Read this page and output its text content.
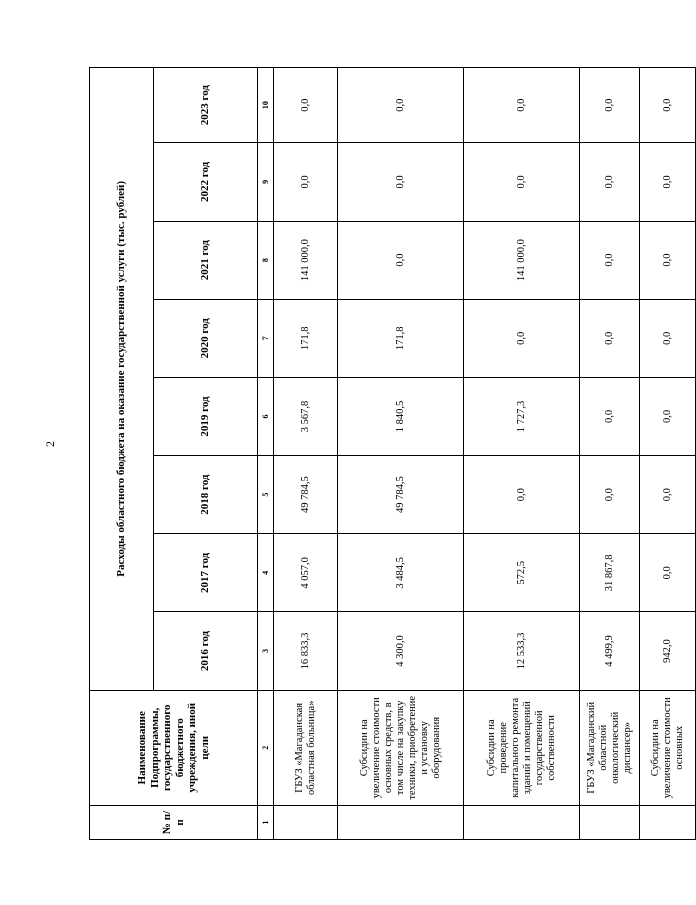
2
№ п/п	Наименование Подпрограммы, государственного бюджетного учреждения, иной цели	Расходы областного бюджета на оказание государственной услуги (тыс. рублей)							
		2016 год	2017 год	2018 год	2019 год	2020 год	2021 год	2022 год	2023 год
1	2	3	4	5	6	7	8	9	10
	ГБУЗ «Магаданская областная больница»	16 833,3	4 057,0	49 784,5	3 567,8	171,8	141 000,0	0,0	0,0
	Субсидии на увеличение стоимости основных средств, в том числе на закупку техники, приобретение и установку оборудования	4 300,0	3 484,5	49 784,5	1 840,5	171,8	0,0	0,0	0,0
	Субсидии на проведение капитального ремонта зданий и помещений государственной собственности	12 533,3	572,5	0,0	1 727,3	0,0	141 000,0	0,0	0,0
	ГБУЗ «Магаданский областной онкологический диспансер»	4 499,9	31 867,8	0,0	0,0	0,0	0,0	0,0	0,0
	Субсидии на увеличение стоимости основных	942,0	0,0	0,0	0,0	0,0	0,0	0,0	0,0
